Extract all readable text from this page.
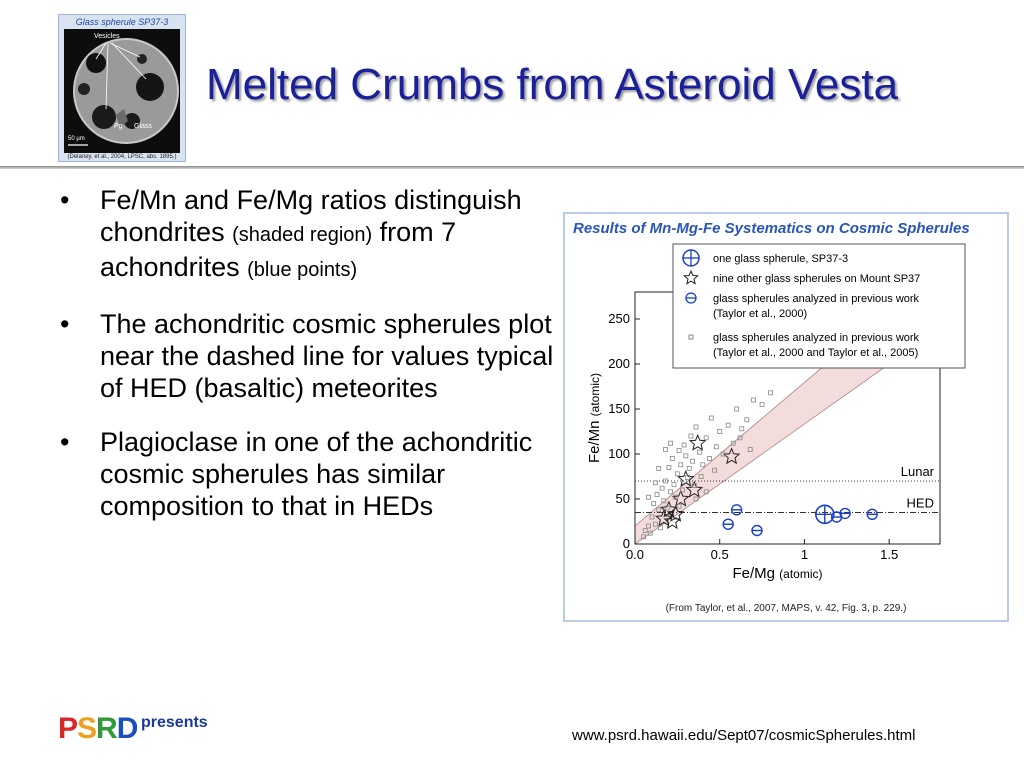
Glass spherule SP37-3
Vesicles
Pg Glass
50 µm
(Delaney, et al., 2004, LPSC, abs. 1895.)
Melted Crumbs from Asteroid Vesta
• Fe/Mn and Fe/Mg ratios distinguish chondrites (shaded region) from 7 achondrites (blue points)
• The achondritic cosmic spherules plot near the dashed line for values typical of HED (basaltic) meteorites
• Plagioclase in one of the achondritic cosmic spherules has similar composition to that in HEDs
Results of Mn-Mg-Fe Systematics on Cosmic Spherules
Lunar
HED
0.0	0.5	1	1.5
0
50
100
150
200
250
Fe/Mg (atomic)
Fe/Mn (atomic)
one glass spherule, SP37-3
nine other glass spherules on Mount SP37
glass spherules analyzed in previous work
(Taylor et al., 2000)
glass spherules analyzed in previous work
(Taylor et al., 2000 and Taylor et al., 2005)
(From Taylor, et al., 2007, MAPS, v. 42, Fig. 3, p. 229.)
PSRD presents
www.psrd.hawaii.edu/Sept07/cosmicSpherules.html
